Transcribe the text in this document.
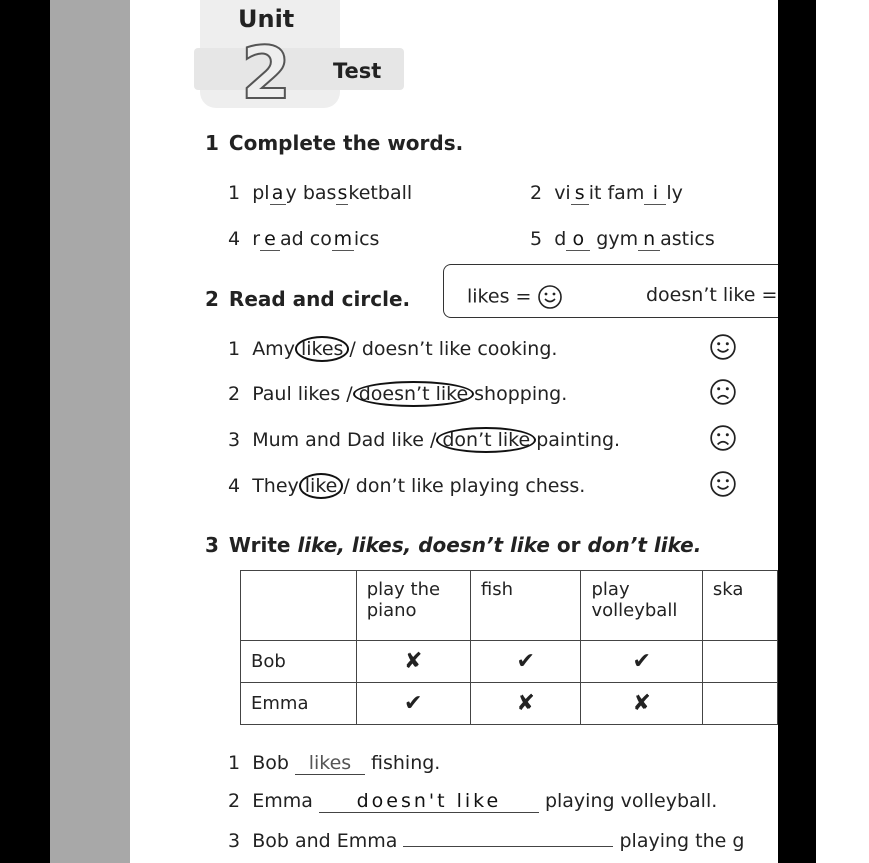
Unit
2 Test
1 Complete the words.
1 pl a y bassketball	2 vi s it fam i ly
4 r e ad comics	5 d o gym n astics
2 Read and circle.	likes =	doesn’t like =
1 Amy likes / doesn’t like cooking.
2 Paul likes / doesn’t like shopping.
3 Mum and Dad like / don’t like painting.
4 They like / don’t like playing chess.
3 Write like, likes, doesn’t like or don’t like.
	play the piano	fish	play volleyball	ska
Bob	✘	✔	✔	
Emma	✔	✘	✘	
1 Bob likes fishing.
2 Emma doesn't like playing volleyball.
3 Bob and Emma	playing the g
